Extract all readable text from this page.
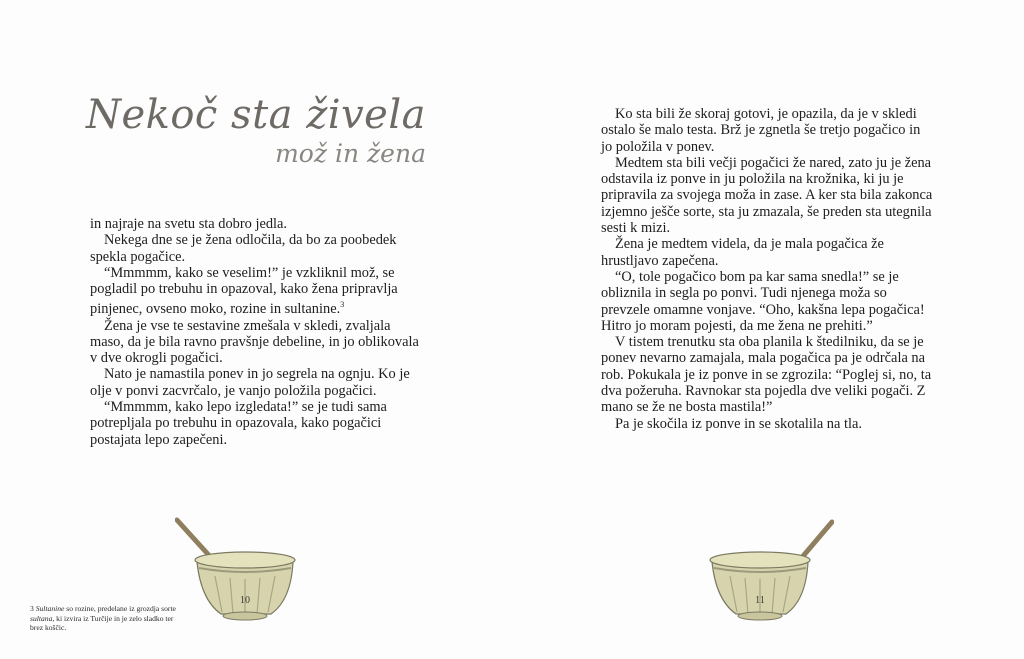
Nekoč sta živela
mož in žena

in najraje na svetu sta dobro jedla.

Nekega dne se je žena odločila, da bo za poobedek spekla pogačice.

“Mmmmm, kako se veselim!” je vzkliknil mož, se pogladil po trebuhu in opazoval, kako žena pripravlja pinjenec, ovseno moko, rozine in sultanine.$^3$

Žena je vse te sestavine zmešala v skledi, zvaljala maso, da je bila ravno pravšnje debeline, in jo oblikovala v dve okrogli pogačici.

Nato je namastila ponev in jo segrela na ognju. Ko je olje v ponvi zacvrčalo, je vanjo položila pogačici.

“Mmmmm, kako lepo izgledata!” se je tudi sama potrepljala po trebuhu in opazovala, kako pogačici postajata lepo zapečeni.

10
3 Sultanine so rozine, predelane iz grozdja sorte sultana, ki izvira iz Turčije in je zelo sladko ter brez koščic.

Ko sta bili že skoraj gotovi, je opazila, da je v skledi ostalo še malo testa. Brž je zgnetla še tretjo pogačico in jo položila v ponev.

Medtem sta bili večji pogačici že nared, zato ju je žena odstavila iz ponve in ju položila na krožnika, ki ju je pripravila za svojega moža in zase. A ker sta bila zakonca izjemno ješče sorte, sta ju zmazala, še preden sta utegnila sesti k mizi.

Žena je medtem videla, da je mala pogačica že hrustljavo zapečena.

“O, tole pogačico bom pa kar sama snedla!” se je obliznila in segla po ponvi. Tudi njenega moža so prevzele omamne vonjave. “Oho, kakšna lepa pogačica! Hitro jo moram pojesti, da me žena ne prehiti.”

V tistem trenutku sta oba planila k štedilniku, da se je ponev nevarno zamajala, mala pogačica pa je odrčala na rob. Pokukala je iz ponve in se zgrozila: “Poglej si, no, ta dva požeruha. Ravnokar sta pojedla dve veliki pogači. Z mano se že ne bosta mastila!”

Pa je skočila iz ponve in se skotalila na tla.

11
